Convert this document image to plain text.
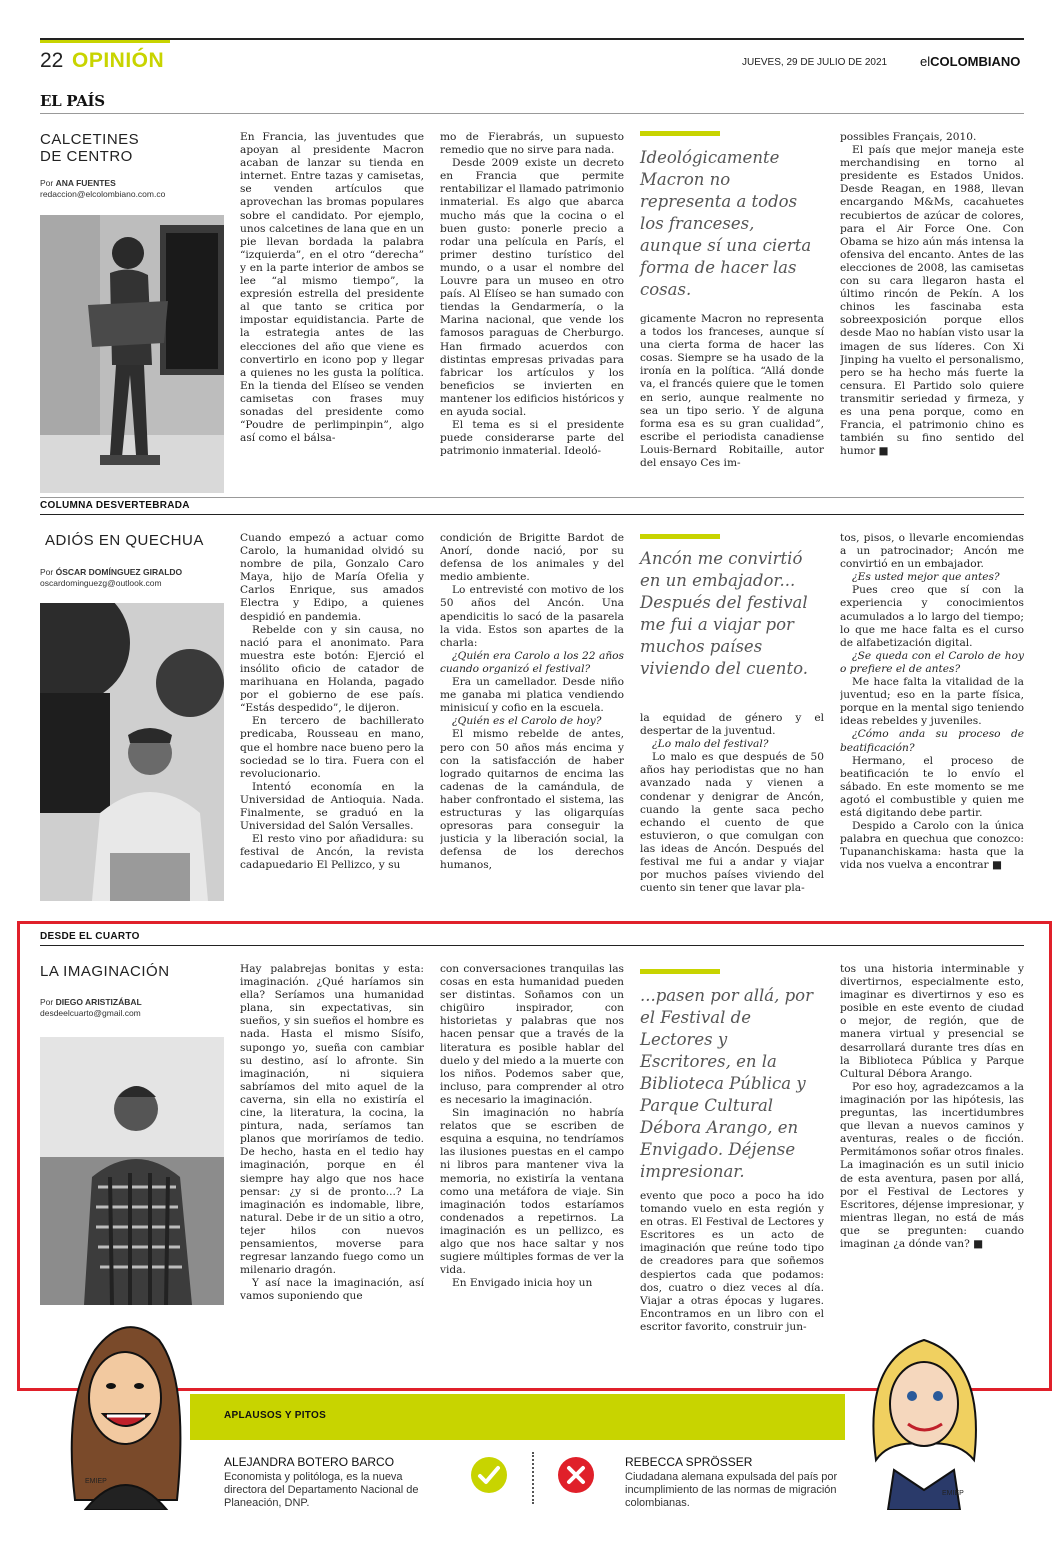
22 OPINIÓN	JUEVES, 29 DE JULIO DE 2021	elCOLOMBIANO
EL PAÍS
CALCETINES
DE CENTRO
Por ANA FUENTES
redaccion@elcolombiano.com.co

En Francia, las juventudes que apoyan al presidente Macron acaban de lanzar su tienda en internet. Entre tazas y camisetas, se venden artículos que aprovechan las bromas populares sobre el candidato. Por ejemplo, unos calcetines de lana que en un pie llevan bordada la palabra “izquierda”, en el otro “derecha” y en la parte interior de ambos se lee “al mismo tiempo”, la expresión estrella del presidente al que tanto se critica por impostar equidistancia. Parte de la estrategia antes de las elecciones del año que viene es convertirlo en icono pop y llegar a quienes no les gusta la política. En la tienda del Elíseo se venden camisetas con frases muy sonadas del presidente como “Poudre de perlimpinpin”, algo así como el bálsa-

mo de Fierabrás, un supuesto remedio que no sirve para nada.

Desde 2009 existe un decreto en Francia que permite rentabilizar el llamado patrimonio inmaterial. Es algo que abarca mucho más que la cocina o el buen gusto: ponerle precio a rodar una película en París, el primer destino turístico del mundo, o a usar el nombre del Louvre para un museo en otro país. Al Elíseo se han sumado con tiendas la Gendarmería, o la Marina nacional, que vende los famosos paraguas de Cherburgo. Han firmado acuerdos con distintas empresas privadas para fabricar los artículos y los beneficios se invierten en mantener los edificios históricos y en ayuda social.

El tema es si el presidente puede considerarse parte del patrimonio inmaterial. Ideoló-

Ideológicamente Macron no representa a todos los franceses, aunque sí una cierta forma de hacer las cosas.

gicamente Macron no representa a todos los franceses, aunque sí una cierta forma de hacer las cosas. Siempre se ha usado de la ironía en la política. “Allá donde va, el francés quiere que le tomen en serio, aunque realmente no sea un tipo serio. Y de alguna forma esa es su gran cualidad”, escribe el periodista canadiense Louis-Bernard Robitaille, autor del ensayo Ces im-

possibles Français, 2010.

El país que mejor maneja este merchandising en torno al presidente es Estados Unidos. Desde Reagan, en 1988, llevan encargando M&Ms, cacahuetes recubiertos de azúcar de colores, para el Air Force One. Con Obama se hizo aún más intensa la ofensiva del encanto. Antes de las elecciones de 2008, las camisetas con su cara llegaron hasta el último rincón de Pekín. A los chinos les fascinaba esta sobreexposición porque ellos desde Mao no habían visto usar la imagen de sus líderes. Con Xi Jinping ha vuelto el personalismo, pero se ha hecho más fuerte la censura. El Partido solo quiere transmitir seriedad y firmeza, y es una pena porque, como en Francia, el patrimonio chino es también su fino sentido del humor ■

COLUMNA DESVERTEBRADA
ADIÓS EN QUECHUA
Por ÓSCAR DOMÍNGUEZ GIRALDO
oscardominguezg@outlook.com

Cuando empezó a actuar como Carolo, la humanidad olvidó su nombre de pila, Gonzalo Caro Maya, hijo de María Ofelia y Carlos Enrique, sus amados Electra y Edipo, a quienes despidió en pandemia.

Rebelde con y sin causa, no nació para el anonimato. Para muestra este botón: Ejerció el insólito oficio de catador de marihuana en Holanda, pagado por el gobierno de ese país. “Estás despedido”, le dijeron.

En tercero de bachillerato predicaba, Rousseau en mano, que el hombre nace bueno pero la sociedad se lo tira. Fuera con el revolucionario.

Intentó economía en la Universidad de Antioquia. Nada. Finalmente, se graduó en la Universidad del Salón Versalles.

El resto vino por añadidura: su festival de Ancón, la revista cadapuedario El Pellizco, y su

condición de Brigitte Bardot de Anorí, donde nació, por su defensa de los animales y del medio ambiente.

Lo entrevisté con motivo de los 50 años del Ancón. Una apendicitis lo sacó de la pasarela la vida. Estos son apartes de la charla:

¿Quién era Carolo a los 22 años cuando organizó el festival?

Era un camellador. Desde niño me ganaba mi platica vendiendo minisicuí y cofio en la escuela.

¿Quién es el Carolo de hoy?

El mismo rebelde de antes, pero con 50 años más encima y con la satisfacción de haber logrado quitarnos de encima las cadenas de la camándula, de haber confrontado el sistema, las estructuras y las oligarquías opresoras para conseguir la justicia y la liberación social, la defensa de los derechos humanos,

Ancón me convirtió en un embajador... Después del festival me fui a viajar por muchos países viviendo del cuento.

la equidad de género y el despertar de la juventud.

¿Lo malo del festival?

Lo malo es que después de 50 años hay periodistas que no han avanzado nada y vienen a condenar y denigrar de Ancón, cuando la gente saca pecho echando el cuento de que estuvieron, o que comulgan con las ideas de Ancón. Después del festival me fui a andar y viajar por muchos países viviendo del cuento sin tener que lavar pla-

tos, pisos, o llevarle encomiendas a un patrocinador; Ancón me convirtió en un embajador.

¿Es usted mejor que antes?

Pues creo que sí con la experiencia y conocimientos acumulados a lo largo del tiempo; lo que me hace falta es el curso de alfabetización digital.

¿Se queda con el Carolo de hoy o prefiere el de antes?

Me hace falta la vitalidad de la juventud; eso en la parte física, porque en la mental sigo teniendo ideas rebeldes y juveniles.

¿Cómo anda su proceso de beatificación?

Hermano, el proceso de beatificación te lo envío el sábado. En este momento se me agotó el combustible y quien me está digitando debe partir.

Despido a Carolo con la única palabra en quechua que conozco: Tupananchiskama: hasta que la vida nos vuelva a encontrar ■

DESDE EL CUARTO
LA IMAGINACIÓN
Por DIEGO ARISTIZÁBAL
desdeelcuarto@gmail.com

Hay palabrejas bonitas y esta: imaginación. ¿Qué haríamos sin ella? Seríamos una humanidad plana, sin expectativas, sin sueños, y sin sueños el hombre es nada. Hasta el mismo Sísifo, supongo yo, sueña con cambiar su destino, así lo afronte. Sin imaginación, ni siquiera sabríamos del mito aquel de la caverna, sin ella no existiría el cine, la literatura, la cocina, la pintura, nada, seríamos tan planos que moriríamos de tedio. De hecho, hasta en el tedio hay imaginación, porque en él siempre hay algo que nos hace pensar: ¿y si de pronto...? La imaginación es indomable, libre, natural. Debe ir de un sitio a otro, tejer hilos con nuevos pensamientos, moverse para regresar lanzando fuego como un milenario dragón.

Y así nace la imaginación, así vamos suponiendo que

con conversaciones tranquilas las cosas en esta humanidad pueden ser distintas. Soñamos con un chigüiro inspirador, con historietas y palabras que nos hacen pensar que a través de la literatura es posible hablar del duelo y del miedo a la muerte con los niños. Podemos saber que, incluso, para comprender al otro es necesario la imaginación.

Sin imaginación no habría relatos que se escriben de esquina a esquina, no tendríamos las ilusiones puestas en el campo ni libros para mantener viva la memoria, no existiría la ventana como una metáfora de viaje. Sin imaginación todos estaríamos condenados a repetirnos. La imaginación es un pellizco, es algo que nos hace saltar y nos sugiere múltiples formas de ver la vida.

En Envigado inicia hoy un

...pasen por allá, por el Festival de Lectores y Escritores, en la Biblioteca Pública y Parque Cultural Débora Arango, en Envigado. Déjense impresionar.

evento que poco a poco ha ido tomando vuelo en esta región y en otras. El Festival de Lectores y Escritores es un acto de imaginación que reúne todo tipo de creadores para que soñemos despiertos cada que podamos: dos, cuatro o diez veces al día. Viajar a otras épocas y lugares. Encontramos en un libro con el escritor favorito, construir jun-

tos una historia interminable y divertirnos, especialmente esto, imaginar es divertirnos y eso es posible en este evento de ciudad o mejor, de región, que de manera virtual y presencial se desarrollará durante tres días en la Biblioteca Pública y Parque Cultural Débora Arango.

Por eso hoy, agradezcamos a la imaginación por las hipótesis, las preguntas, las incertidumbres que llevan a nuevos caminos y aventuras, reales o de ficción. Permitámonos soñar otros finales. La imaginación es un sutil inicio de esta aventura, pasen por allá, por el Festival de Lectores y Escritores, déjense impresionar, y mientras llegan, no está de más que se pregunten: cuando imaginan ¿a dónde van? ■

APLAUSOS Y PITOS
EMIEP
EMIEP
ALEJANDRA BOTERO BARCO
Economista y politóloga, es la nueva directora del Departamento Nacional de Planeación, DNP.
REBECCA SPRÖSSER
Ciudadana alemana expulsada del país por incumplimiento de las normas de migración colombianas.
